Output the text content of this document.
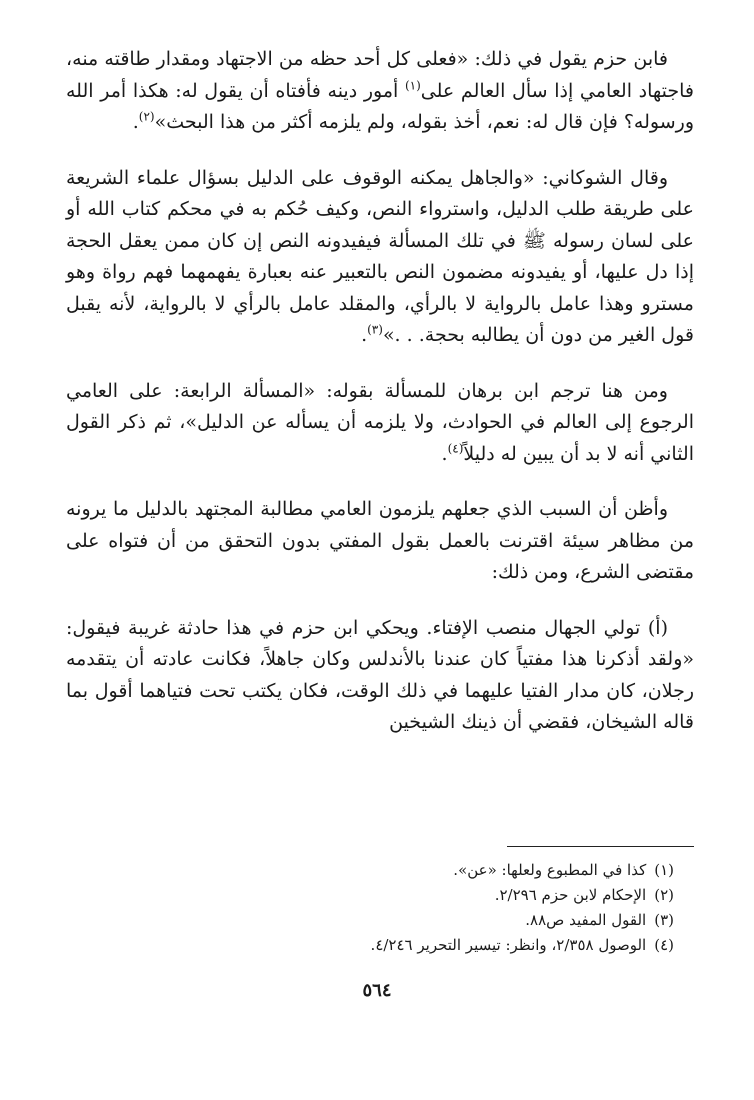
فابن حزم يقول في ذلك: «فعلى كل أحد حظه من الاجتهاد ومقدار طاقته منه، فاجتهاد العامي إذا سأل العالم على$^{(١)}$ أمور دينه فأفتاه أن يقول له: هكذا أمر الله ورسوله؟ فإن قال له: نعم، أخذ بقوله، ولم يلزمه أكثر من هذا البحث»$^{(٢)}$.

وقال الشوكاني: «والجاهل يمكنه الوقوف على الدليل بسؤال علماء الشريعة على طريقة طلب الدليل، واسترواء النص، وكيف حُكم به في محكم كتاب الله أو على لسان رسوله ﷺ في تلك المسألة فيفيدونه النص إن كان ممن يعقل الحجة إذا دل عليها، أو يفيدونه مضمون النص بالتعبير عنه بعبارة يفهمهما فهم رواة وهو مسترو وهذا عامل بالرواية لا بالرأي، والمقلد عامل بالرأي لا بالرواية، لأنه يقبل قول الغير من دون أن يطالبه بحجة. . .»$^{(٣)}$.

ومن هنا ترجم ابن برهان للمسألة بقوله: «المسألة الرابعة: على العامي الرجوع إلى العالم في الحوادث، ولا يلزمه أن يسأله عن الدليل»، ثم ذكر القول الثاني أنه لا بد أن يبين له دليلاً$^{(٤)}$.

وأظن أن السبب الذي جعلهم يلزمون العامي مطالبة المجتهد بالدليل ما يرونه من مظاهر سيئة اقترنت بالعمل بقول المفتي بدون التحقق من أن فتواه على مقتضى الشرع، ومن ذلك:

(أ) تولي الجهال منصب الإفتاء. ويحكي ابن حزم في هذا حادثة غريبة فيقول: «ولقد أذكرنا هذا مفتياً كان عندنا بالأندلس وكان جاهلاً، فكانت عادته أن يتقدمه رجلان، كان مدار الفتيا عليهما في ذلك الوقت، فكان يكتب تحت فتياهما أقول بما قاله الشيخان، فقضي أن ذينك الشيخين

(١)كذا في المطبوع ولعلها: «عن».

(٢)الإحكام لابن حزم ٢/٢٩٦.

(٣)القول المفيد ص٨٨.

(٤)الوصول ٢/٣٥٨، وانظر: تيسير التحرير ٤/٢٤٦.

٥٦٤
